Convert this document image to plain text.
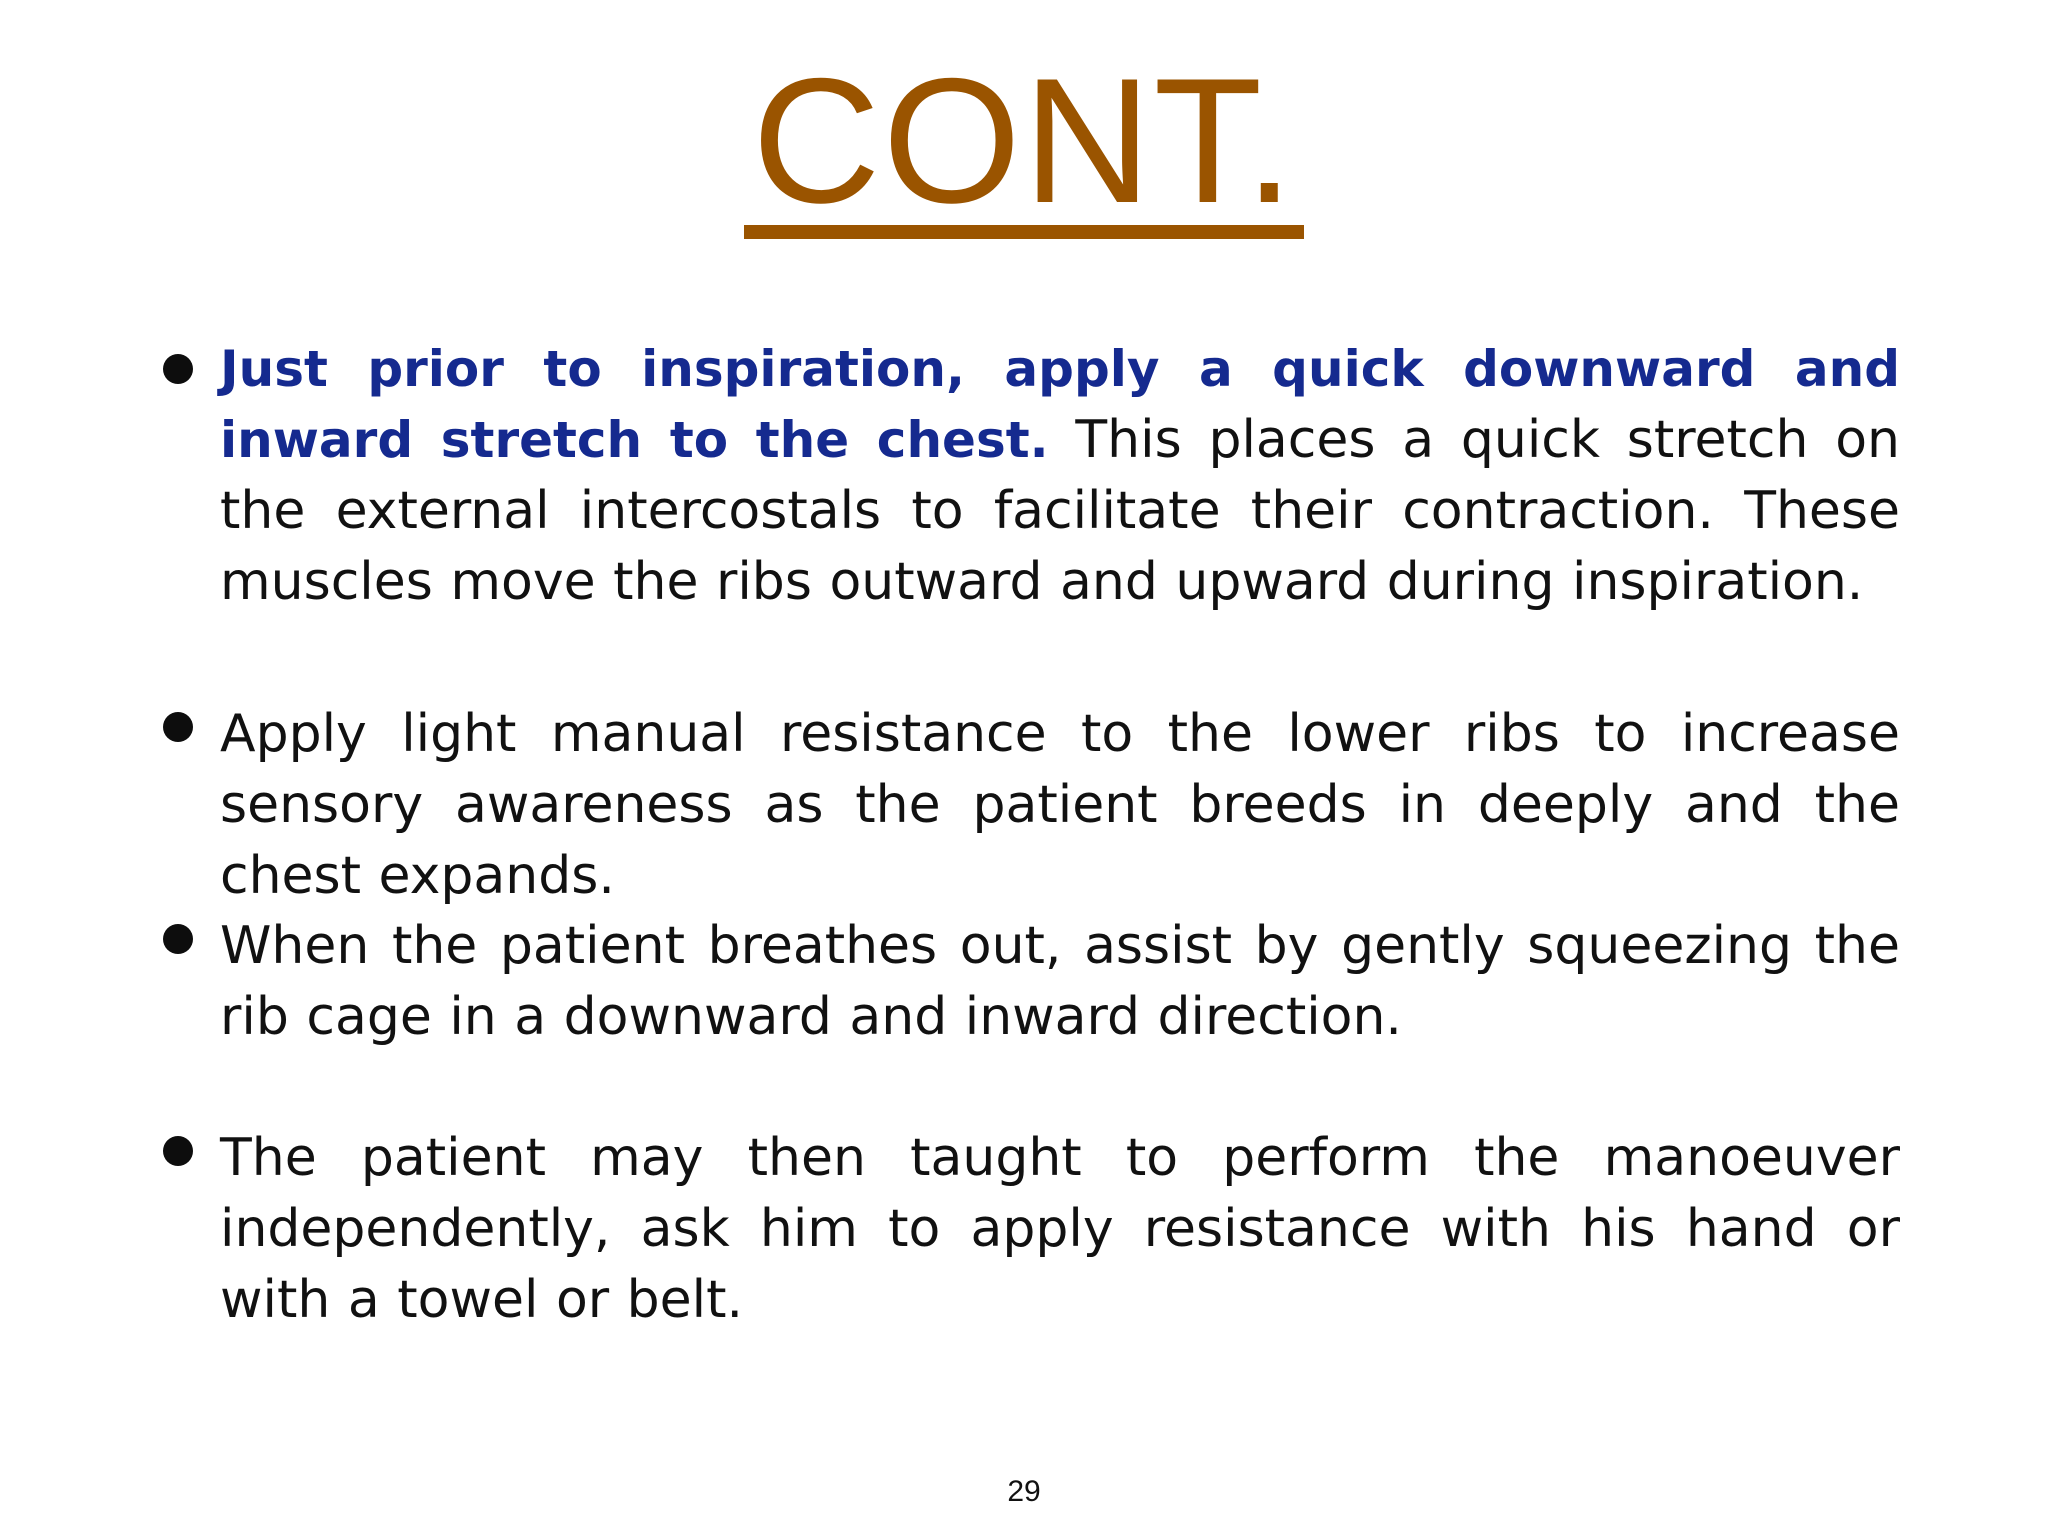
CONT.
Just prior to inspiration, apply a quick downward and inward stretch to the chest. This places a quick stretch on the external intercostals to facilitate their contraction. These muscles move the ribs outward and upward during inspiration.
Apply light manual resistance to the lower ribs to increase sensory awareness as the patient breeds in deeply and the chest expands.
When the patient breathes out, assist by gently squeezing the rib cage in a downward and inward direction.
The patient may then taught to perform the manoeuver independently, ask him to apply resistance with his hand or with a towel or belt.
29
